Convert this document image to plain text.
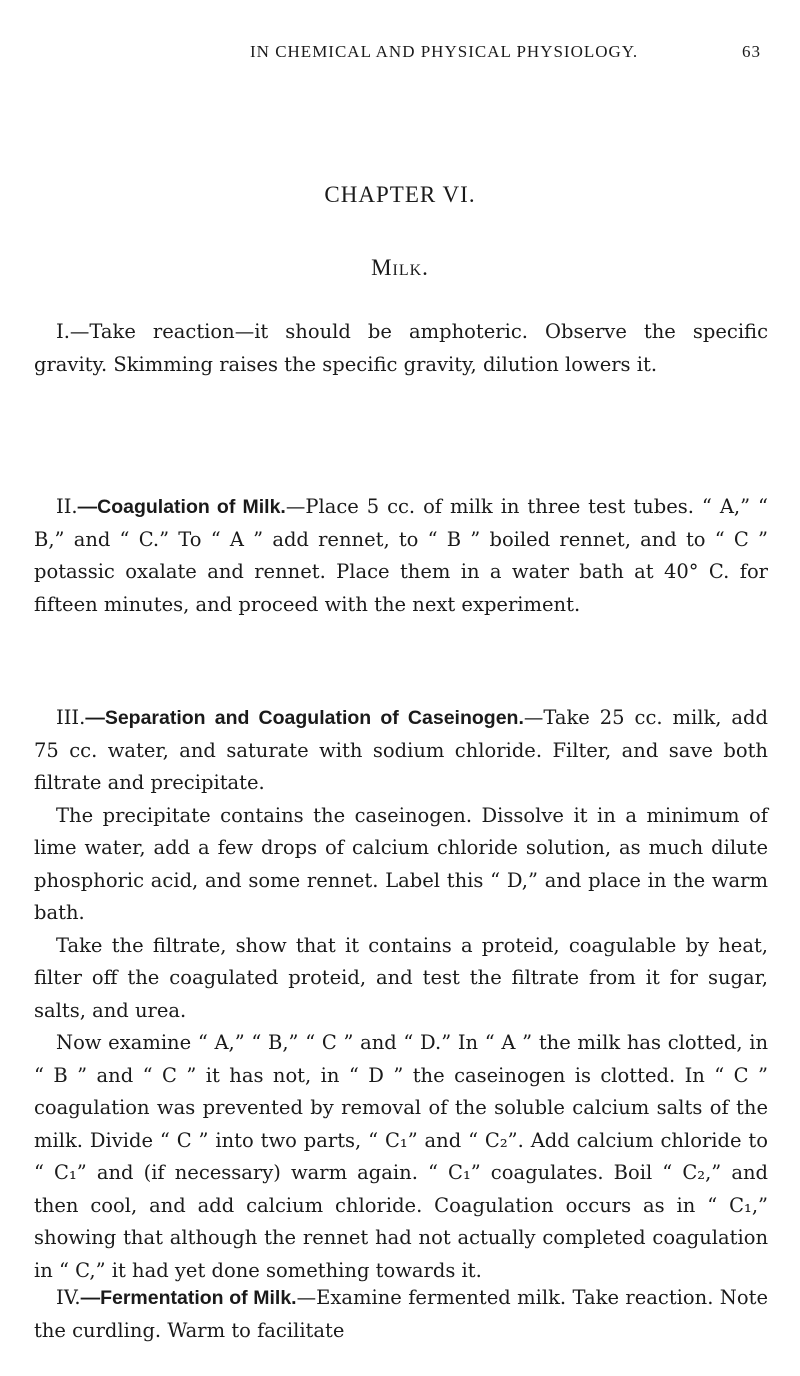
IN CHEMICAL AND PHYSICAL PHYSIOLOGY.	63
CHAPTER VI.
Milk.

I.—Take reaction—it should be amphoteric. Observe the specific gravity. Skimming raises the specific gravity, dilution lowers it.

II.—Coagulation of Milk.—Place 5 cc. of milk in three test tubes. “ A,” “ B,” and “ C.” To “ A ” add rennet, to “ B ” boiled rennet, and to “ C ” potassic oxalate and rennet. Place them in a water bath at 40° C. for fifteen minutes, and proceed with the next experiment.

III.—Separation and Coagulation of Caseinogen.—Take 25 cc. milk, add 75 cc. water, and saturate with sodium chloride. Filter, and save both filtrate and precipitate.

The precipitate contains the caseinogen. Dissolve it in a minimum of lime water, add a few drops of calcium chloride solution, as much dilute phosphoric acid, and some rennet. Label this “ D,” and place in the warm bath.

Take the filtrate, show that it contains a proteid, coagulable by heat, filter off the coagulated proteid, and test the filtrate from it for sugar, salts, and urea.

Now examine “ A,” “ B,” “ C ” and “ D.” In “ A ” the milk has clotted, in “ B ” and “ C ” it has not, in “ D ” the caseinogen is clotted. In “ C ” coagulation was prevented by removal of the soluble calcium salts of the milk. Divide “ C ” into two parts, “ C₁” and “ C₂”. Add calcium chloride to “ C₁” and (if necessary) warm again. “ C₁” coagulates. Boil “ C₂,” and then cool, and add calcium chloride. Coagulation occurs as in “ C₁,” showing that although the rennet had not actually completed coagulation in “ C,” it had yet done something towards it.

IV.—Fermentation of Milk.—Examine fermented milk. Take reaction. Note the curdling. Warm to facilitate
